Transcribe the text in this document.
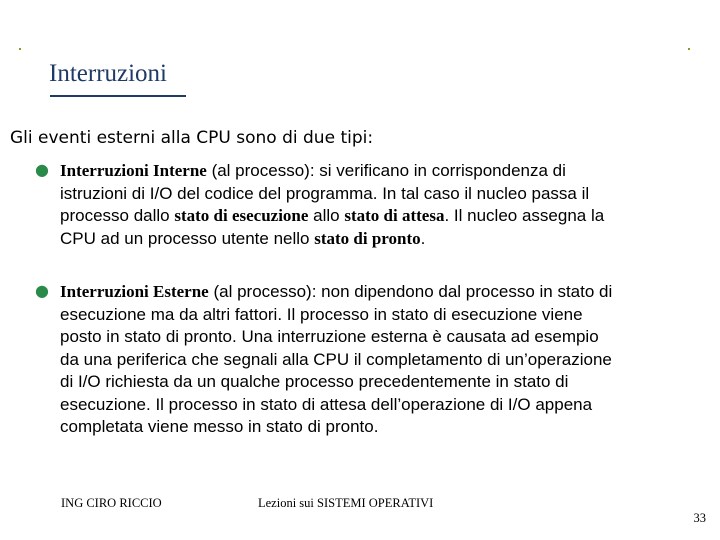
Interruzioni
Gli eventi esterni alla CPU sono di due tipi:
● Interruzioni Interne (al processo): si verificano in corrispondenza di istruzioni di I/O del codice del programma. In tal caso il nucleo passa il processo dallo stato di esecuzione allo stato di attesa. Il nucleo assegna la CPU ad un processo utente nello stato di pronto.
● Interruzioni Esterne (al processo): non dipendono dal processo in stato di esecuzione ma da altri fattori. Il processo in stato di esecuzione viene posto in stato di pronto. Una interruzione esterna è causata ad esempio da una periferica che segnali alla CPU il completamento di un’operazione di I/O richiesta da un qualche processo precedentemente in stato di esecuzione. Il processo in stato di attesa dell’operazione di I/O appena completata viene messo in stato di pronto.
ING CIRO RICCIO	Lezioni sui SISTEMI OPERATIVI
33
